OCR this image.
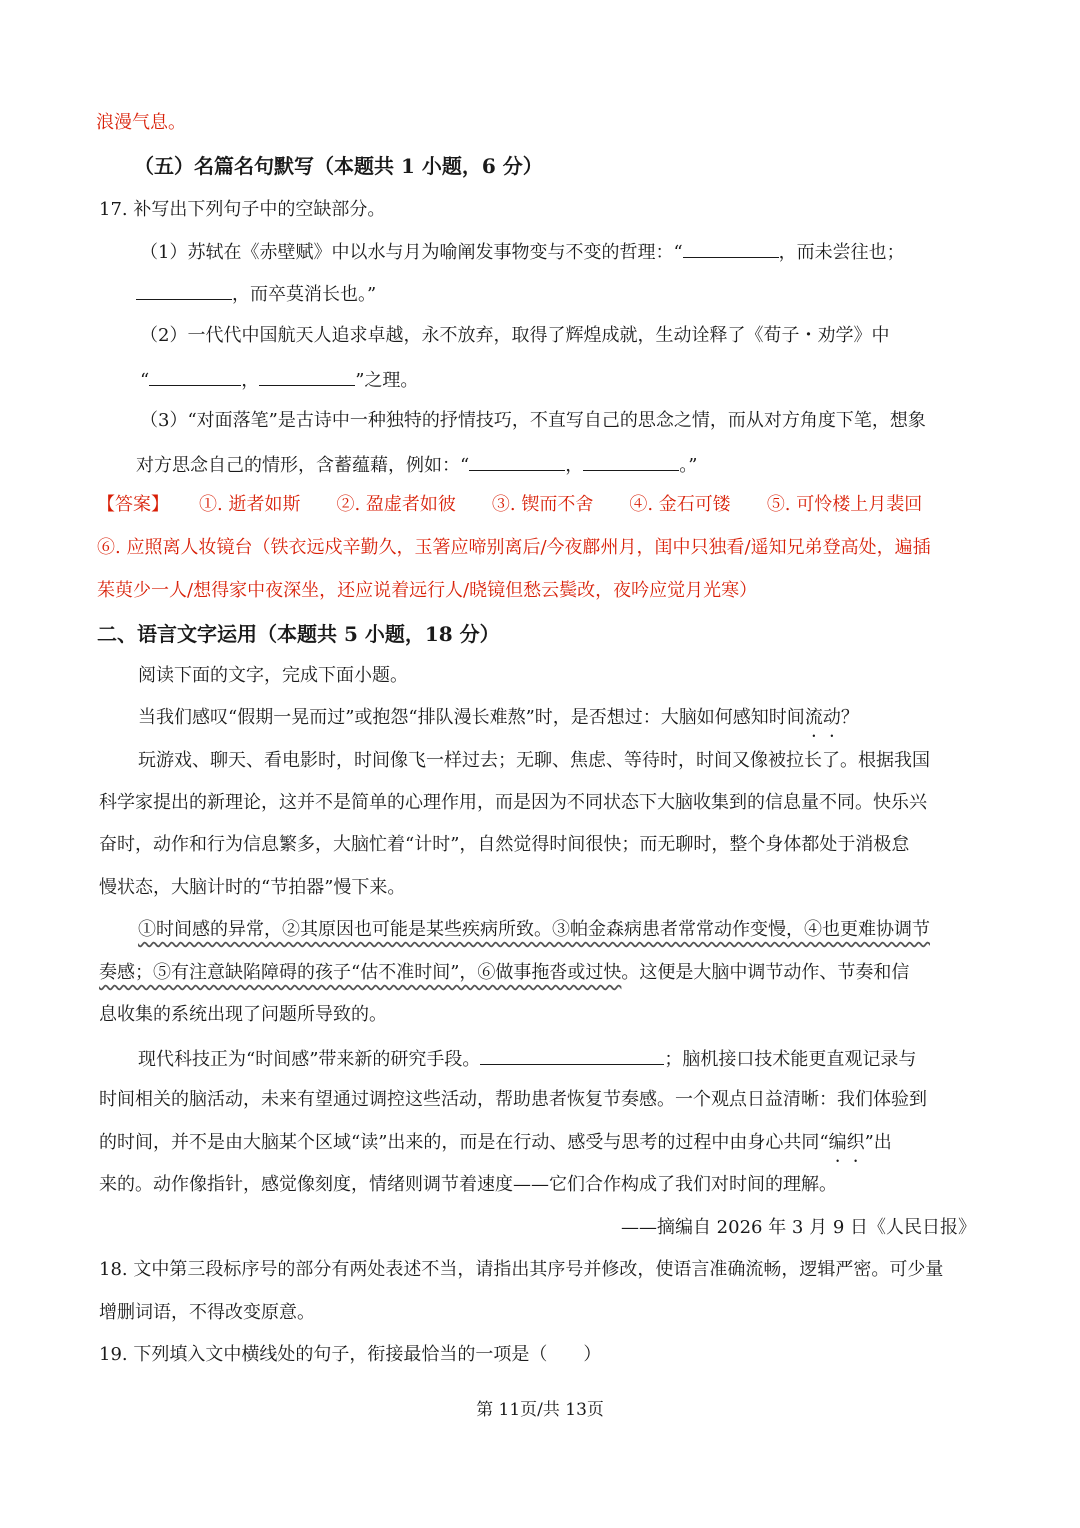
浪漫气息。
（五）名篇名句默写（本题共 1 小题，6 分）
17. 补写出下列句子中的空缺部分。
（1）苏轼在《赤壁赋》中以水与月为喻阐发事物变与不变的哲理：“	，而未尝往也；
，而卒莫消长也。”
（2）一代代中国航天人追求卓越，永不放弃，取得了辉煌成就，生动诠释了《荀子・劝学》中
“	，	”之理。
（3）“对面落笔”是古诗中一种独特的抒情技巧，不直写自己的思念之情，而从对方角度下笔，想象
对方思念自己的情形，含蓄蕴藉，例如：“	，	。”
【答案】 ①. 逝者如斯 ②. 盈虚者如彼 ③. 锲而不舍 ④. 金石可镂 ⑤. 可怜楼上月裴回
⑥. 应照离人妆镜台（铁衣远戍辛勤久，玉箸应啼别离后/今夜鄜州月，闺中只独看/遥知兄弟登高处，遍插
茱萸少一人/想得家中夜深坐，还应说着远行人/晓镜但愁云鬓改，夜吟应觉月光寒）
二、语言文字运用（本题共 5 小题，18 分）
阅读下面的文字，完成下面小题。
当我们感叹“假期一晃而过”或抱怨“排队漫长难熬”时，是否想过：大脑如何感知时间流动？
玩游戏、聊天、看电影时，时间像飞一样过去；无聊、焦虑、等待时，时间又像被拉长了。根据我国
科学家提出的新理论，这并不是简单的心理作用，而是因为不同状态下大脑收集到的信息量不同。快乐兴
奋时，动作和行为信息繁多，大脑忙着“计时”，自然觉得时间很快；而无聊时，整个身体都处于消极怠
慢状态，大脑计时的“节拍器”慢下来。
①时间感的异常，②其原因也可能是某些疾病所致。③帕金森病患者常常动作变慢，④也更难协调节
奏感；⑤有注意缺陷障碍的孩子“估不准时间”，⑥做事拖沓或过快。这便是大脑中调节动作、节奏和信
息收集的系统出现了问题所导致的。
现代科技正为“时间感”带来新的研究手段。	；脑机接口技术能更直观记录与
时间相关的脑活动，未来有望通过调控这些活动，帮助患者恢复节奏感。一个观点日益清晰：我们体验到
的时间，并不是由大脑某个区域“读”出来的，而是在行动、感受与思考的过程中由身心共同“编织”出
来的。动作像指针，感觉像刻度，情绪则调节着速度——它们合作构成了我们对时间的理解。
——摘编自 2026 年 3 月 9 日《人民日报》
18. 文中第三段标序号的部分有两处表述不当，请指出其序号并修改，使语言准确流畅，逻辑严密。可少量
增删词语，不得改变原意。
19. 下列填入文中横线处的句子，衔接最恰当的一项是（　　）
第 11页/共 13页
